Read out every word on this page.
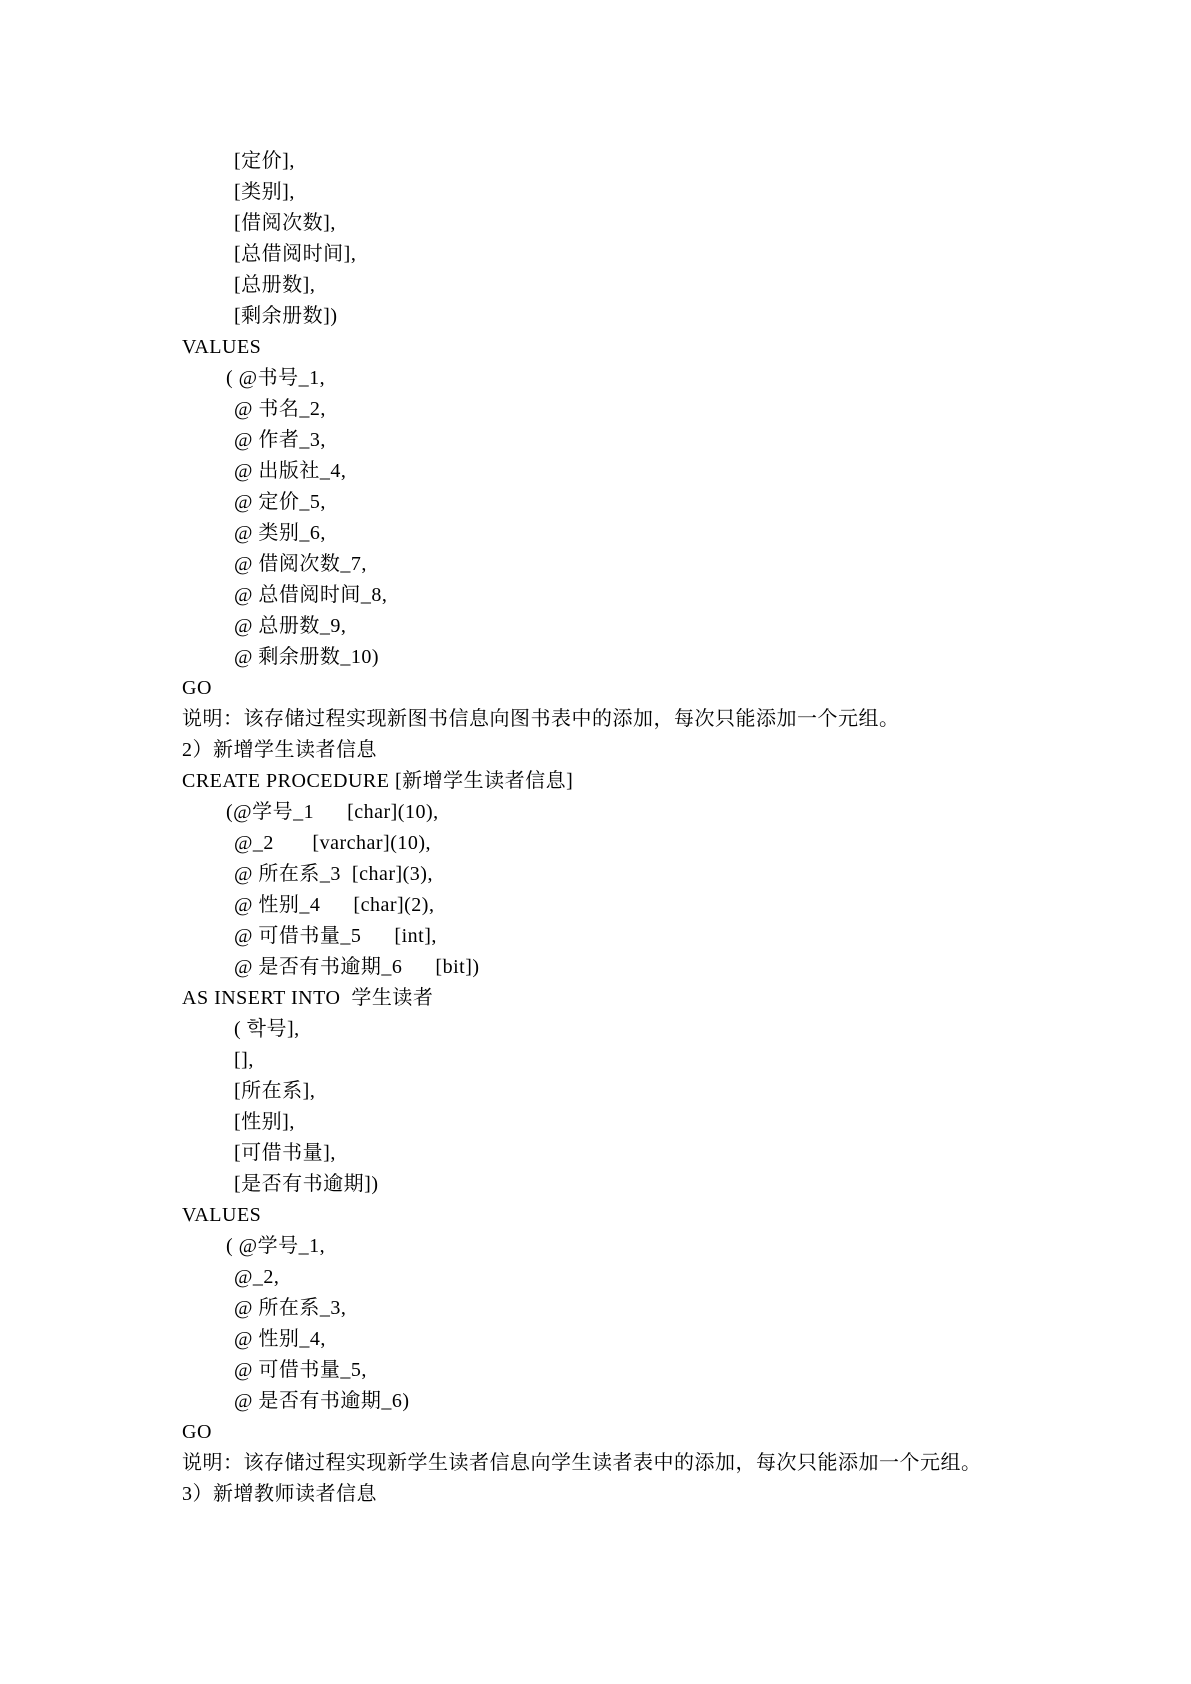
[定价],
[类别],
[借阅次数],
[总借阅时间],
[总册数],
[剩余册数])
VALUES
( @书号_1,
@ 书名_2,
@ 作者_3,
@ 出版社_4,
@ 定价_5,
@ 类别_6,
@ 借阅次数_7,
@ 总借阅时间_8,
@ 总册数_9,
@ 剩余册数_10)
GO
说明：该存储过程实现新图书信息向图书表中的添加，每次只能添加一个元组。
2）新增学生读者信息
CREATE PROCEDURE [新增学生读者信息]
(@学号_1      [char](10),
@_2       [varchar](10),
@ 所在系_3  [char](3),
@ 性别_4      [char](2),
@ 可借书量_5      [int],
@ 是否有书逾期_6      [bit])
AS INSERT INTO  学生读者
( 학号],
[],
[所在系],
[性别],
[可借书量],
[是否有书逾期])
VALUES
( @学号_1,
@_2,
@ 所在系_3,
@ 性别_4,
@ 可借书量_5,
@ 是否有书逾期_6)
GO
说明：该存储过程实现新学生读者信息向学生读者表中的添加，每次只能添加一个元组。
3）新增教师读者信息
